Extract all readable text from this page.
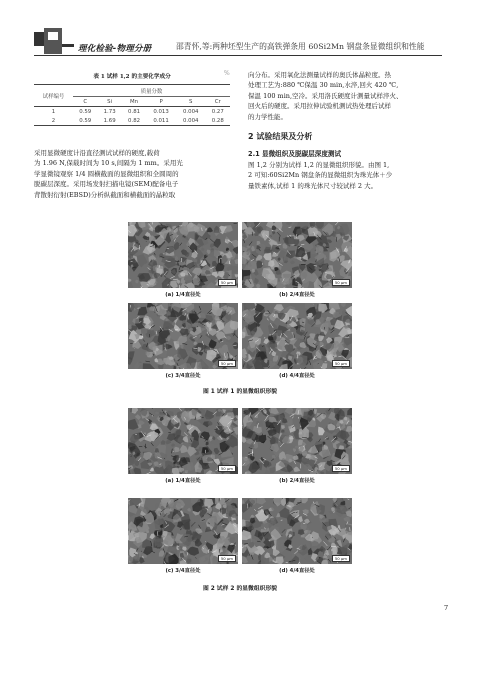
理化检验-物理分册	邵青怀,等:两种坯型生产的高铁弹条用 60Si2Mn 钢盘条显微组织和性能
表 1 试样 1,2 的主要化学成分	%
试样编号	质量分数					
	C	Si	Mn	P	S	Cr
1	0.59	1.73	0.81	0.013	0.004	0.27
2	0.59	1.69	0.82	0.011	0.004	0.28
采用显微硬度计沿直径测试试样的硬度,载荷
为 1.96 N,保载时间为 10 s,间隔为 1 mm。采用光
学显微镜观察 1/4 圆横截面的显微组织和全圆周的
脱碳层深度。采用场发射扫描电镜(SEM)配备电子
背散射衍射(EBSD)分析纵截面和横截面的晶粒取
向分布。采用氧化法测量试样的奥氏体晶粒度。热
处理工艺为:880 ℃保温 30 min,水淬,回火 420 ℃,
保温 100 min,空冷。采用洛氏硬度计测量试样淬火、
回火后的硬度。采用拉伸试验机测试热处理后试样
的力学性能。
2 试验结果及分析
2.1 显微组织及脱碳层深度测试
图 1,2 分别为试样 1,2 的显微组织形貌。由图 1,
2 可知:60Si2Mn 钢盘条的显微组织为珠光体＋少
量铁素体,试样 1 的珠光体尺寸较试样 2 大。
50 μm	50 μm
(a) 1/4直径处	(b) 2/4直径处
50 μm	50 μm
(c) 3/4直径处	(d) 4/4直径处
图 1 试样 1 的显微组织形貌
50 μm	50 μm
(a) 1/4直径处	(b) 2/4直径处
50 μm	50 μm
(c) 3/4直径处	(d) 4/4直径处
图 2 试样 2 的显微组织形貌
7
